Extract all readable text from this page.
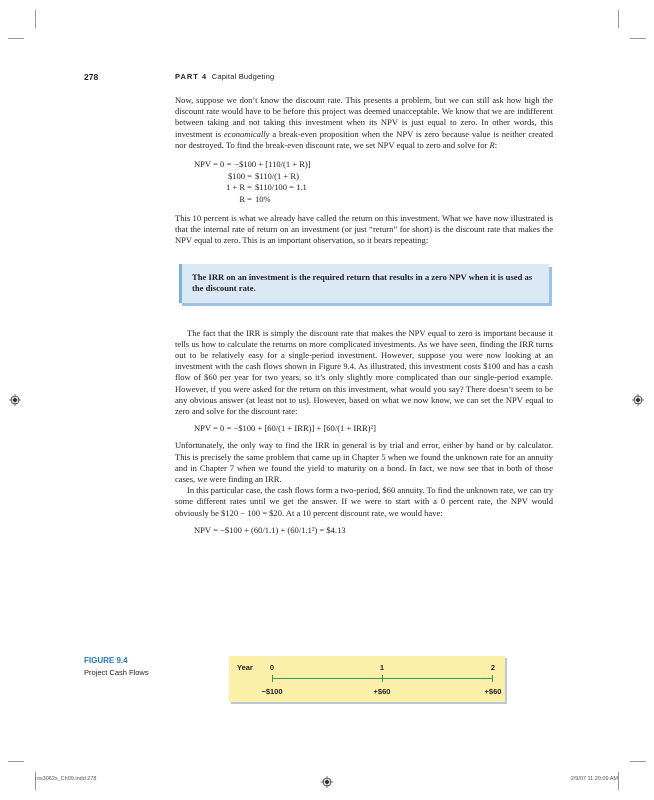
278	PART 4 Capital Budgeting

Now, suppose we don’t know the discount rate. This presents a problem, but we can still ask how high the discount rate would have to be before this project was deemed unacceptable. We know that we are indifferent between taking and not taking this investment when its NPV is just equal to zero. In other words, this investment is economically a break-even proposition when the NPV is zero because value is neither created nor destroyed. To find the break-even discount rate, we set NPV equal to zero and solve for R:

NPV = 0 = −$100 + [110/(1 + R)]
$100 = $110/(1 + R)
1 + R = $110/100 = 1.1
R = 10%

This 10 percent is what we already have called the return on this investment. What we have now illustrated is that the internal rate of return on an investment (or just “return” for short) is the discount rate that makes the NPV equal to zero. This is an important observation, so it bears repeating:

The IRR on an investment is the required return that results in a zero NPV when it is used as the discount rate.

The fact that the IRR is simply the discount rate that makes the NPV equal to zero is important because it tells us how to calculate the returns on more complicated investments. As we have seen, finding the IRR turns out to be relatively easy for a single-period investment. However, suppose you were now looking at an investment with the cash flows shown in Figure 9.4. As illustrated, this investment costs $100 and has a cash flow of $60 per year for two years, so it’s only slightly more complicated than our single-period example. However, if you were asked for the return on this investment, what would you say? There doesn’t seem to be any obvious answer (at least not to us). However, based on what we now know, we can set the NPV equal to zero and solve for the discount rate:

NPV = 0 = −$100 + [60/(1 + IRR)] + [60/(1 + IRR)²]

Unfortunately, the only way to find the IRR in general is by trial and error, either by hand or by calculator. This is precisely the same problem that came up in Chapter 5 when we found the unknown rate for an annuity and in Chapter 7 when we found the yield to maturity on a bond. In fact, we now see that in both of those cases, we were finding an IRR.

In this particular case, the cash flows form a two-period, $60 annuity. To find the unknown rate, we can try some different rates until we get the answer. If we were to start with a 0 percent rate, the NPV would obviously be $120 − 100 = $20. At a 10 percent discount rate, we would have:

NPV = −$100 + (60/1.1) + (60/1.1²) = $4.13
FIGURE 9.4
Project Cash Flows
Year 0	1	2
−$100	+$60	+$60
ros3062x_Ch09.indd 278	2/9/07 11:20:09 AM
